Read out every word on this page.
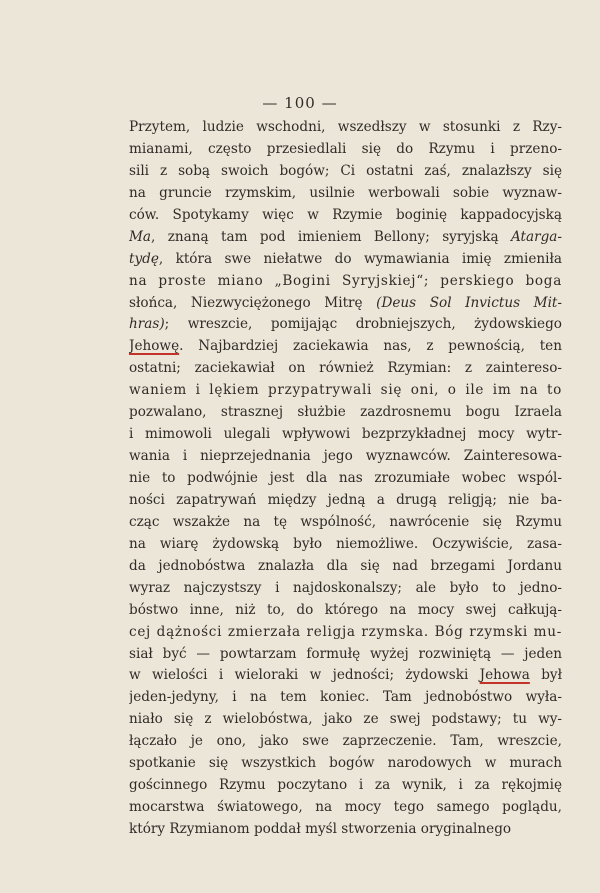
— 100 —
Przytem, ludzie wschodni, wszedłszy w stosunki z Rzy-
mianami, często przesiedlali się do Rzymu i przeno-
sili z sobą swoich bogów; Ci ostatni zaś, znalazłszy się
na gruncie rzymskim, usilnie werbowali sobie wyznaw-
ców. Spotykamy więc w Rzymie boginię kappadocyjską
Ma, znaną tam pod imieniem Bellony; syryjską Atarga-
tydę, która swe niełatwe do wymawiania imię zmieniła
na proste miano „Bogini Syryjskiej“; perskiego boga
słońca, Niezwyciężonego Mitrę (Deus Sol Invictus Mit-
hras); wreszcie, pomijając drobniejszych, żydowskiego
Jehowę. Najbardziej zaciekawia nas, z pewnością, ten
ostatni; zaciekawiał on również Rzymian: z zaintereso-
waniem i lękiem przypatrywali się oni, o ile im na to
pozwalano, strasznej służbie zazdrosnemu bogu Izraela
i mimowoli ulegali wpływowi bezprzykładnej mocy wytr-
wania i nieprzejednania jego wyznawców. Zainteresowa-
nie to podwójnie jest dla nas zrozumiałe wobec wspól-
ności zapatrywań między jedną a drugą religją; nie ba-
cząc wszakże na tę wspólność, nawrócenie się Rzymu
na wiarę żydowską było niemożliwe. Oczywiście, zasa-
da jednobóstwa znalazła dla się nad brzegami Jordanu
wyraz najczystszy i najdoskonalszy; ale było to jedno-
bóstwo inne, niż to, do którego na mocy swej całkują-
cej dążności zmierzała religja rzymska. Bóg rzymski mu-
siał być — powtarzam formułę wyżej rozwiniętą — jeden
w wielości i wieloraki w jedności; żydowski Jehowa był
jeden-jedyny, i na tem koniec. Tam jednobóstwo wyła-
niało się z wielobóstwa, jako ze swej podstawy; tu wy-
łączało je ono, jako swe zaprzeczenie. Tam, wreszcie,
spotkanie się wszystkich bogów narodowych w murach
gościnnego Rzymu poczytano i za wynik, i za rękojmię
mocarstwa światowego, na mocy tego samego poglądu,
który Rzymianom poddał myśl stworzenia oryginalnego
